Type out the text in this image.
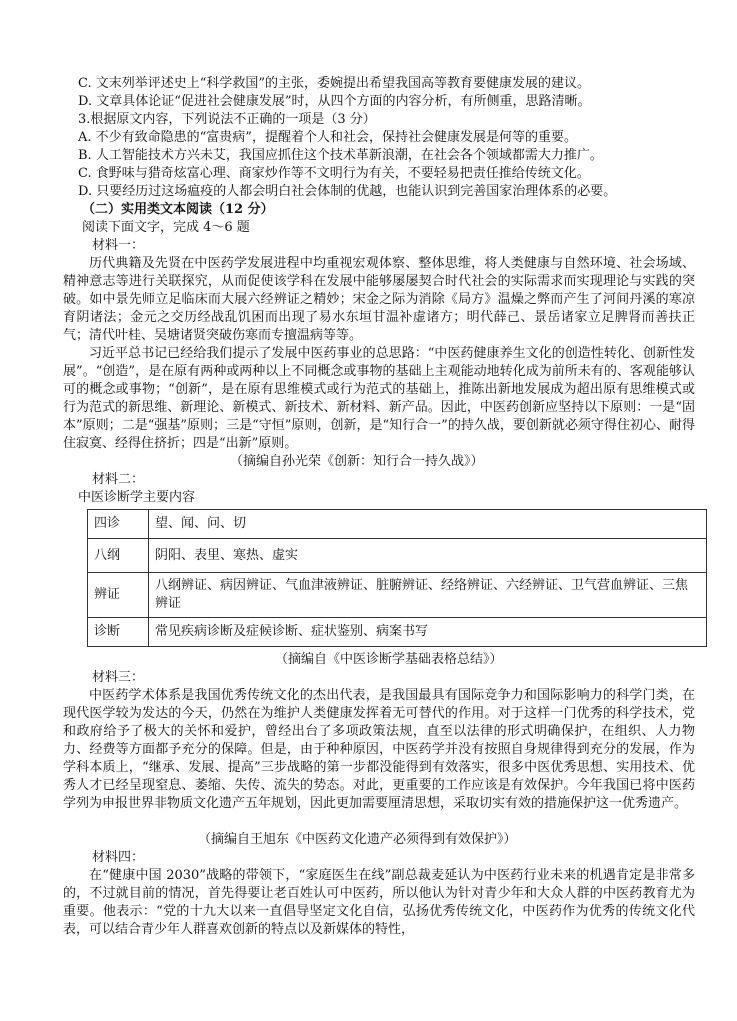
C. 文末列举评述史上“科学救国”的主张，委婉提出希望我国高等教育要健康发展的建议。
D. 文章具体论证“促进社会健康发展”时，从四个方面的内容分析，有所侧重，思路清晰。
3.根据原文内容，下列说法不正确的一项是（3 分）
A. 不少有致命隐患的“富贵病”，提醒着个人和社会，保持社会健康发展是何等的重要。
B. 人工智能技术方兴未艾，我国应抓住这个技术革新浪潮，在社会各个领域都需大力推广。
C. 食野味与猎奇炫富心理、商家炒作等不文明行为有关，不要轻易把责任推给传统文化。
D. 只要经历过这场瘟疫的人都会明白社会体制的优越，也能认识到完善国家治理体系的必要。
（二）实用类文本阅读（12 分）
阅读下面文字，完成 4～6 题
材料一：
历代典籍及先贤在中医药学发展进程中均重视宏观体察、整体思维，将人类健康与自然环境、社会场域、精神意志等进行关联探究，从而促使该学科在发展中能够屡屡契合时代社会的实际需求而实现理论与实践的突破。如中景先师立足临床而大展六经辨证之精妙；宋金之际为消除《局方》温燥之弊而产生了河间丹溪的寒凉育阴诸法；金元之交历经战乱饥困而出现了易水东垣甘温补虚诸方；明代薛己、景岳诸家立足脾肾而善扶正气；清代叶桂、吴塘诸贤突破伤寒而专擅温病等等。
习近平总书记已经给我们提示了发展中医药事业的总思路：“中医药健康养生文化的创造性转化、创新性发展”。“创造”，是在原有两种或两种以上不同概念或事物的基础上主观能动地转化成为前所未有的、客观能够认可的概念或事物；“创新”，是在原有思维模式或行为范式的基础上，推陈出新地发展成为超出原有思维模式或行为范式的新思维、新理论、新模式、新技术、新材料、新产品。因此，中医药创新应坚持以下原则：一是“固本”原则；二是“强基”原则；三是“守恒”原则，创新，是“知行合一”的持久战，要创新就必须守得住初心、耐得住寂寞、经得住挤折；四是“出新”原则。
（摘编自孙光荣《创新：知行合一持久战》）
材料二：
中医诊断学主要内容
四诊	望、闻、问、切
八纲	阴阳、表里、寒热、虚实
辨证	八纲辨证、病因辨证、气血津液辨证、脏腑辨证、经络辨证、六经辨证、卫气营血辨证、三焦辨证
诊断	常见疾病诊断及症候诊断、症状鉴别、病案书写
（摘编自《中医诊断学基础表格总结》）
材料三：
中医药学术体系是我国优秀传统文化的杰出代表，是我国最具有国际竞争力和国际影响力的科学门类，在现代医学较为发达的今天，仍然在为维护人类健康发挥着无可替代的作用。对于这样一门优秀的科学技术，党和政府给予了极大的关怀和爱护，曾经出台了多项政策法规，直至以法律的形式明确保护，在组织、人力物力、经费等方面都予充分的保障。但是，由于种种原因，中医药学并没有按照自身规律得到充分的发展，作为学科本质上，“继承、发展、提高”三步战略的第一步都没能得到有效落实，很多中医优秀思想、实用技术、优秀人才已经呈现窒息、萎缩、失传、流失的势态。对此，更重要的工作应该是有效保护。今年我国已将中医药学列为申报世界非物质文化遗产五年规划，因此更加需要厘清思想，采取切实有效的措施保护这一优秀遗产。
（摘编自王旭东《中医药文化遗产必须得到有效保护》）
材料四：
在“健康中国 2030”战略的带领下，“家庭医生在线”副总裁麦延认为中医药行业未来的机遇肯定是非常多的，不过就目前的情况，首先得要让老百姓认可中医药，所以他认为针对青少年和大众人群的中医药教育尤为重要。他表示：“党的十九大以来一直倡导坚定文化自信，弘扬优秀传统文化，中医药作为优秀的传统文化代表，可以结合青少年人群喜欢创新的特点以及新媒体的特性，
